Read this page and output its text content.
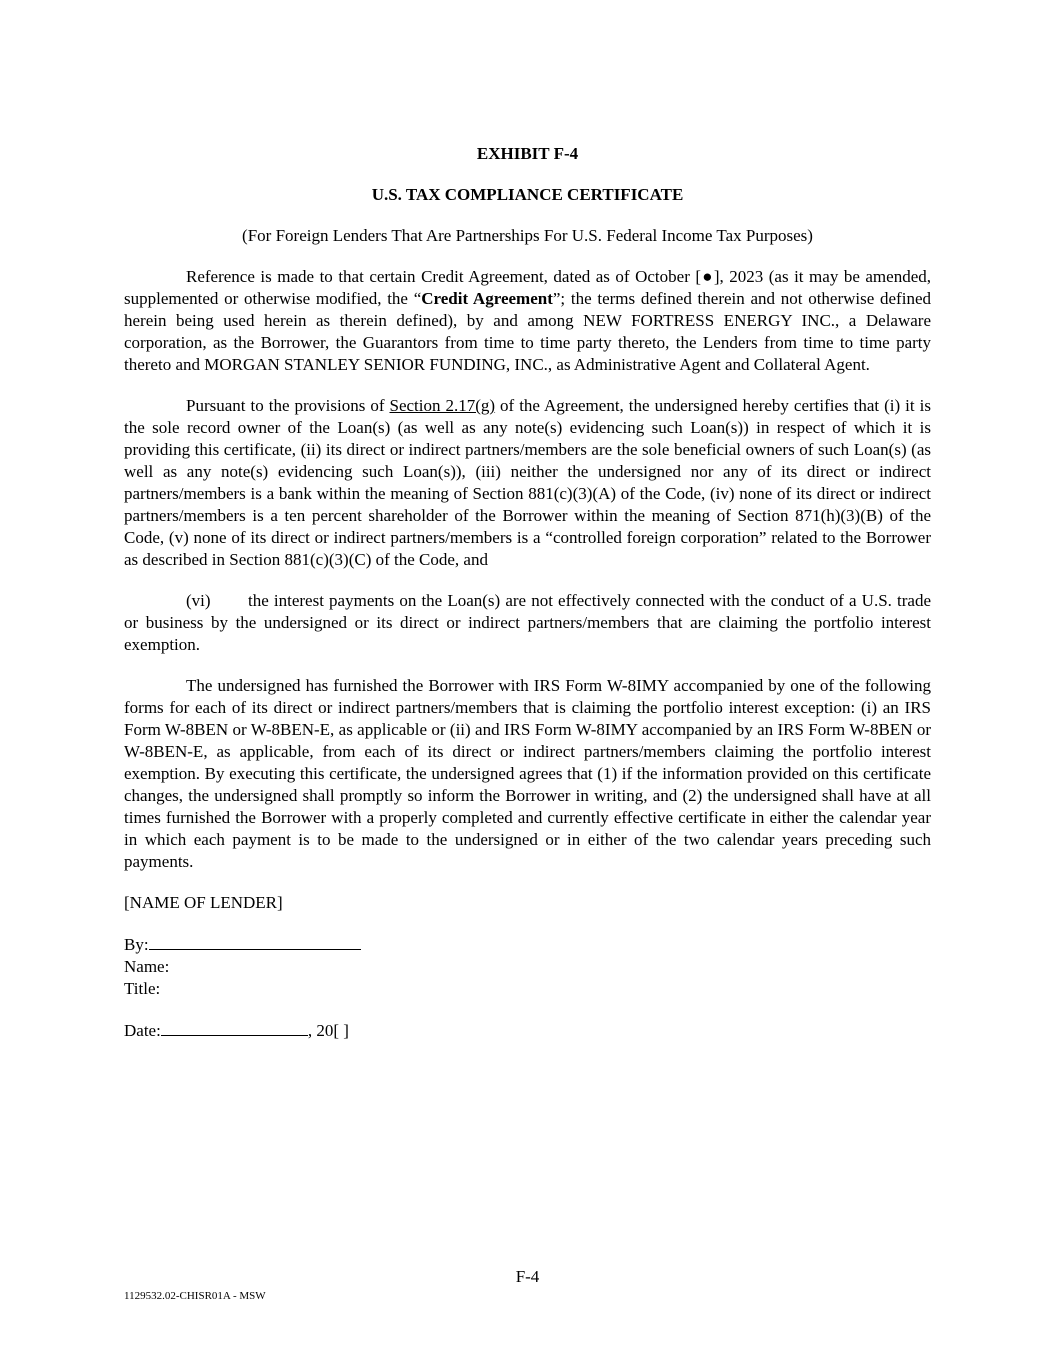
EXHIBIT F-4

U.S. TAX COMPLIANCE CERTIFICATE

(For Foreign Lenders That Are Partnerships For U.S. Federal Income Tax Purposes)

Reference is made to that certain Credit Agreement, dated as of October [●], 2023 (as it may be amended, supplemented or otherwise modified, the “Credit Agreement”; the terms defined therein and not otherwise defined herein being used herein as therein defined), by and among NEW FORTRESS ENERGY INC., a Delaware corporation, as the Borrower, the Guarantors from time to time party thereto, the Lenders from time to time party thereto and MORGAN STANLEY SENIOR FUNDING, INC., as Administrative Agent and Collateral Agent.

Pursuant to the provisions of Section 2.17(g) of the Agreement, the undersigned hereby certifies that (i) it is the sole record owner of the Loan(s) (as well as any note(s) evidencing such Loan(s)) in respect of which it is providing this certificate, (ii) its direct or indirect partners/members are the sole beneficial owners of such Loan(s) (as well as any note(s) evidencing such Loan(s)), (iii) neither the undersigned nor any of its direct or indirect partners/members is a bank within the meaning of Section 881(c)(3)(A) of the Code, (iv) none of its direct or indirect partners/members is a ten percent shareholder of the Borrower within the meaning of Section 871(h)(3)(B) of the Code, (v) none of its direct or indirect partners/members is a “controlled foreign corporation” related to the Borrower as described in Section 881(c)(3)(C) of the Code, and

(vi) the interest payments on the Loan(s) are not effectively connected with the conduct of a U.S. trade or business by the undersigned or its direct or indirect partners/members that are claiming the portfolio interest exemption.

The undersigned has furnished the Borrower with IRS Form W-8IMY accompanied by one of the following forms for each of its direct or indirect partners/members that is claiming the portfolio interest exception: (i) an IRS Form W-8BEN or W-8BEN-E, as applicable or (ii) and IRS Form W-8IMY accompanied by an IRS Form W-8BEN or W-8BEN-E, as applicable, from each of its direct or indirect partners/members claiming the portfolio interest exemption. By executing this certificate, the undersigned agrees that (1) if the information provided on this certificate changes, the undersigned shall promptly so inform the Borrower in writing, and (2) the undersigned shall have at all times furnished the Borrower with a properly completed and currently effective certificate in either the calendar year in which each payment is to be made to the undersigned or in either of the two calendar years preceding such payments.

[NAME OF LENDER]

By:
Name:
Title:
Date:	, 20[ ]
F-4
1129532.02-CHISR01A - MSW
